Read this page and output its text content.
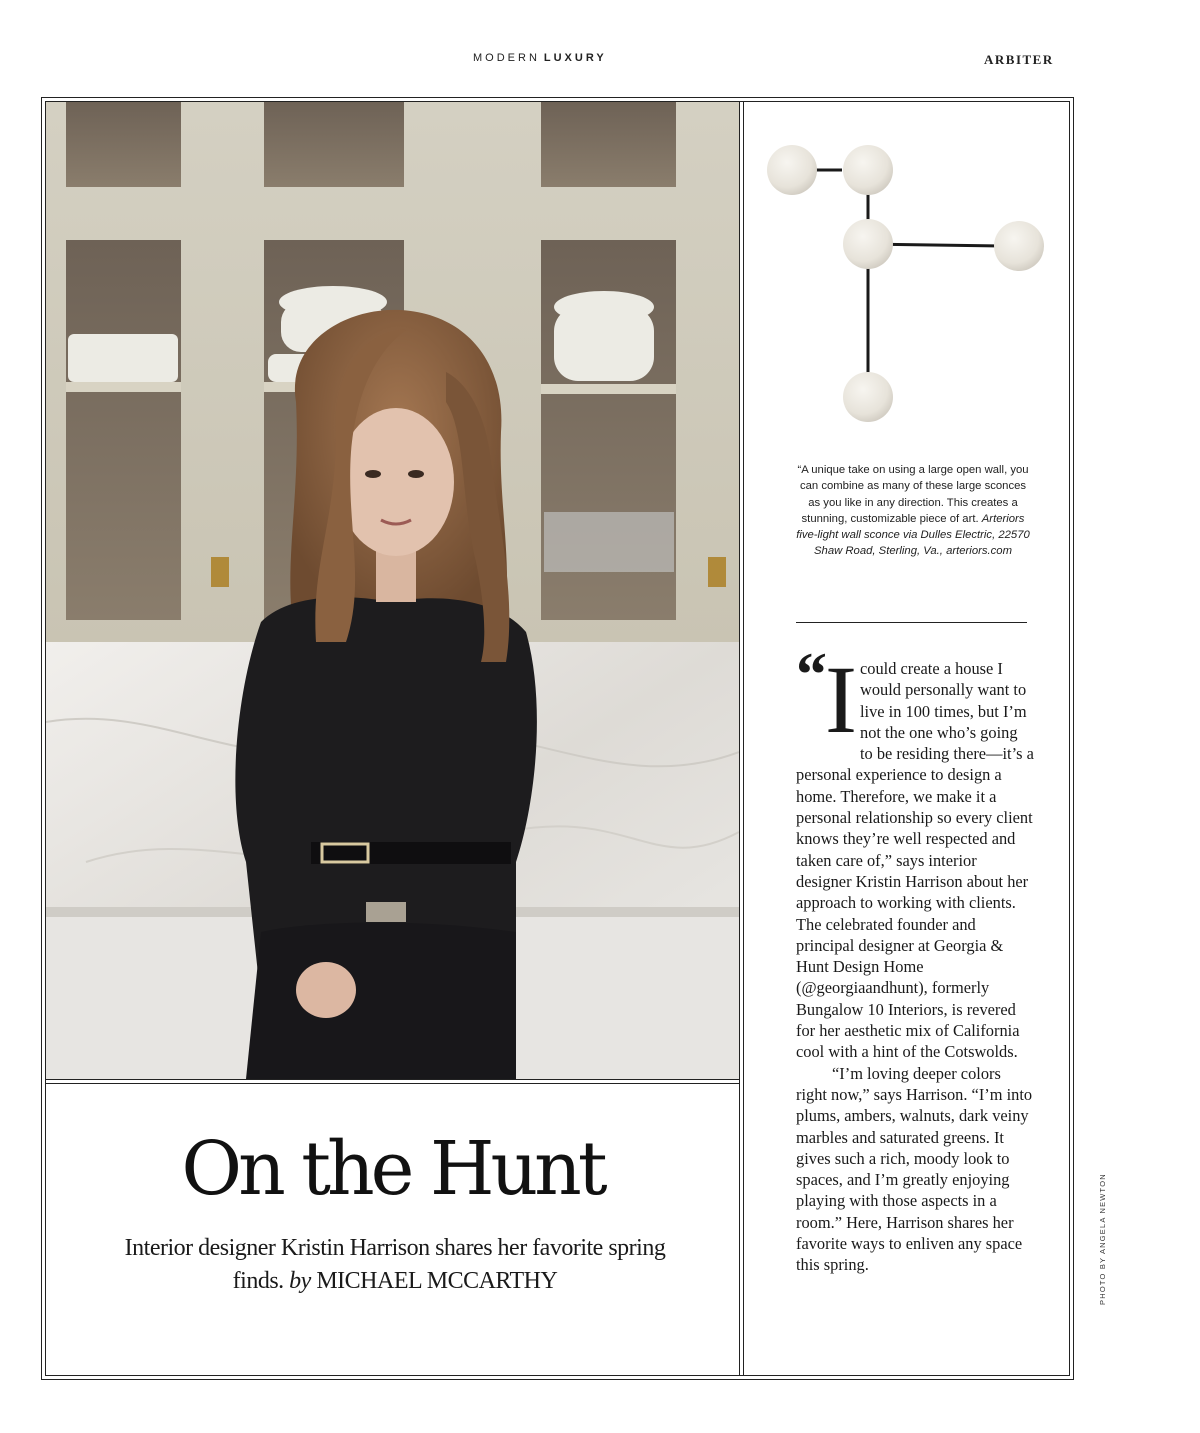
MODERN LUXURY	ARBITER
On the Hunt
Interior designer Kristin Harrison shares her favorite spring finds. by MICHAEL MCCARTHY
“A unique take on using a large open wall, you can combine as many of these large sconces as you like in any direction. This creates a stunning, customizable piece of art. Arteriors five-light wall sconce via Dulles Electric, 22570 Shaw Road, Sterling, Va., arteriors.com

“
I could create a house I would personally want to live in 100 times, but I’m not the one who’s going to be residing there—it’s a personal experience to design a home. Therefore, we make it a personal relationship so every client knows they’re well respected and taken care of,” says interior designer Kristin Harrison about her approach to working with clients. The celebrated founder and principal designer at Georgia & Hunt Design Home (@georgiaandhunt), formerly Bungalow 10 Interiors, is revered for her aesthetic mix of California cool with a hint of the Cotswolds.

“I’m loving deeper colors right now,” says Harrison. “I’m into plums, ambers, walnuts, dark veiny marbles and saturated greens. It gives such a rich, moody look to spaces, and I’m greatly enjoying playing with those aspects in a room.” Here, Harrison shares her favorite ways to enliven any space this spring.	PHOTO BY ANGELA NEWTON
